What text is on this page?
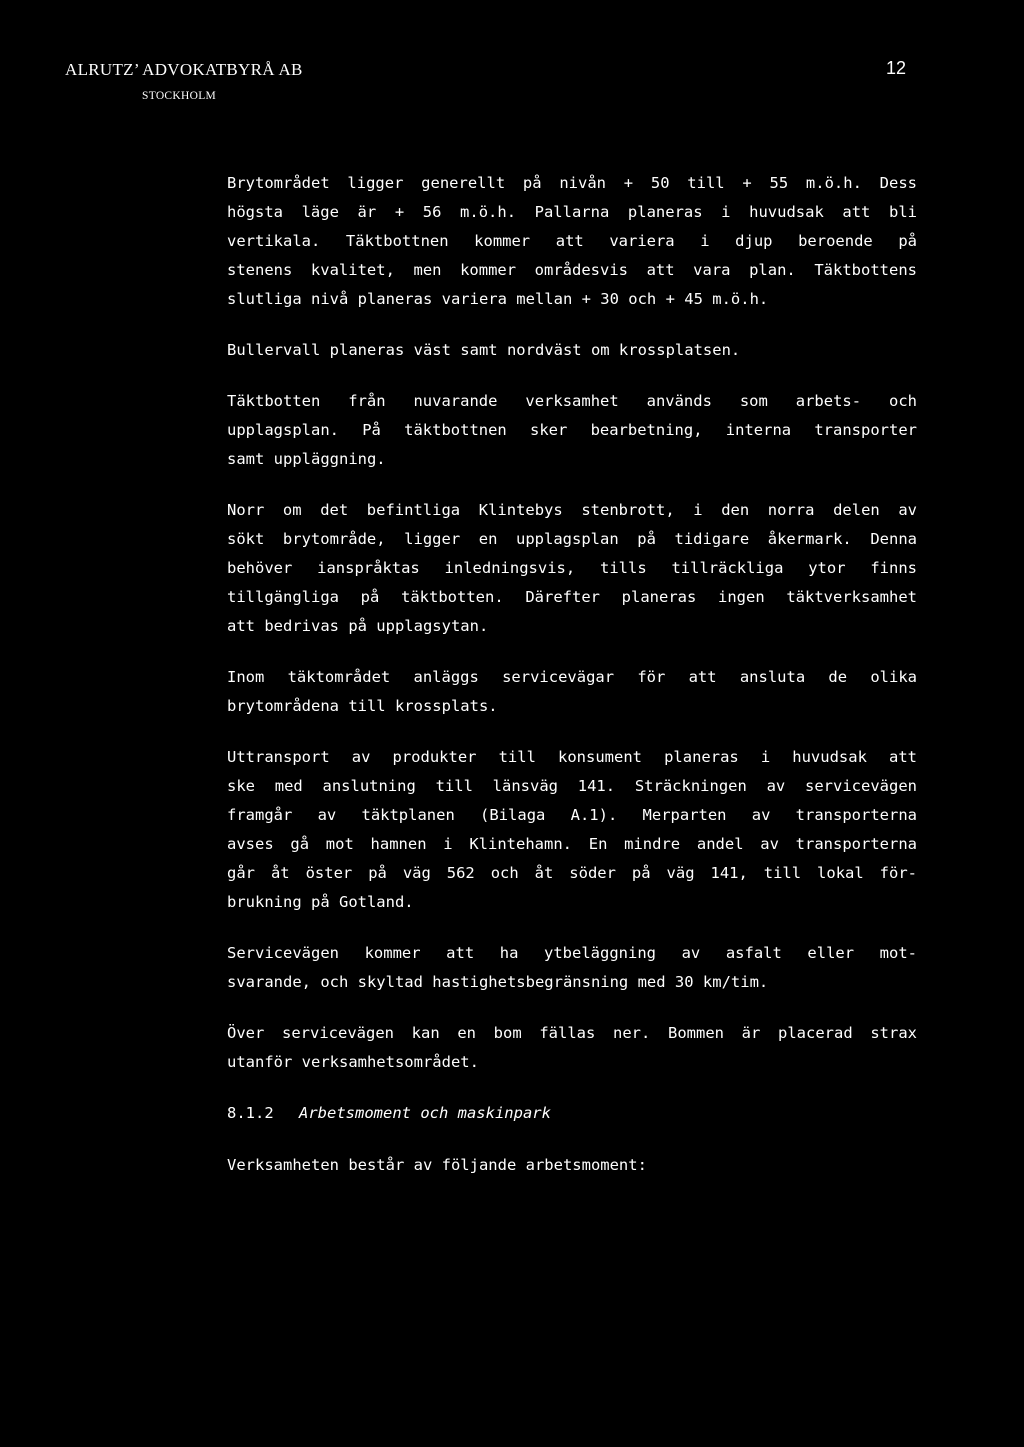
ALRUTZ’ ADVOKATBYRÅ AB
STOCKHOLM
12
Brytområdet ligger generellt på nivån + 50 till + 55 m.ö.h. Dess
högsta läge är + 56 m.ö.h. Pallarna planeras i huvudsak att bli
vertikala. Täktbottnen kommer att variera i djup beroende på
stenens kvalitet, men kommer områdesvis att vara plan. Täktbottens
slutliga nivå planeras variera mellan + 30 och + 45 m.ö.h.
Bullervall planeras väst samt nordväst om krossplatsen.
Täktbotten från nuvarande verksamhet används som arbets- och
upplagsplan. På täktbottnen sker bearbetning, interna transporter
samt uppläggning.
Norr om det befintliga Klintebys stenbrott, i den norra delen av
sökt brytområde, ligger en upplagsplan på tidigare åkermark. Denna
behöver ianspråktas inledningsvis, tills tillräckliga ytor finns
tillgängliga på täktbotten. Därefter planeras ingen täktverksamhet
att bedrivas på upplagsytan.
Inom täktområdet anläggs servicevägar för att ansluta de olika
brytområdena till krossplats.
Uttransport av produkter till konsument planeras i huvudsak att
ske med anslutning till länsväg 141. Sträckningen av servicevägen
framgår av täktplanen (Bilaga A.1). Merparten av transporterna
avses gå mot hamnen i Klintehamn. En mindre andel av transporterna
går åt öster på väg 562 och åt söder på väg 141, till lokal för-
brukning på Gotland.
Servicevägen kommer att ha ytbeläggning av asfalt eller mot-
svarande, och skyltad hastighetsbegränsning med 30 km/tim.
Över servicevägen kan en bom fällas ner. Bommen är placerad strax
utanför verksamhetsområdet.
8.1.2 Arbetsmoment och maskinpark
Verksamheten består av följande arbetsmoment:
